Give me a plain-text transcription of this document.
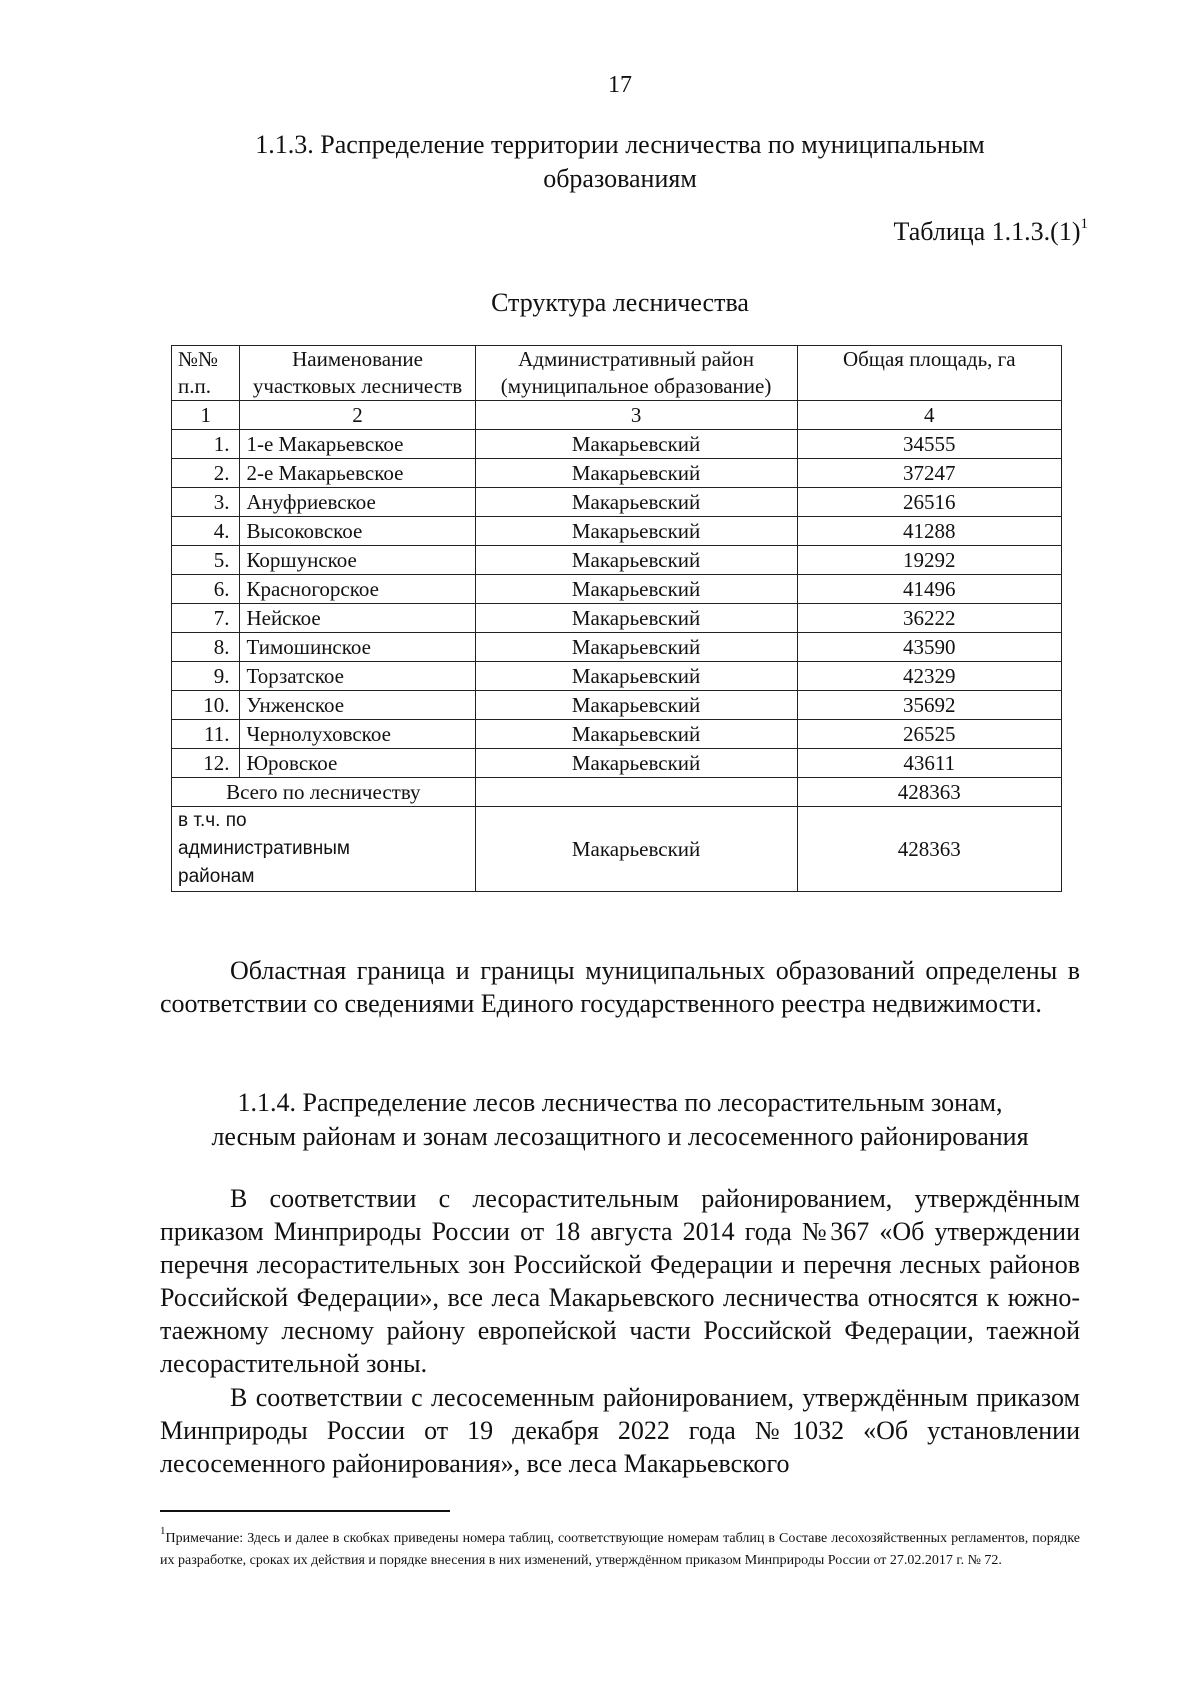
17
1.1.3. Распределение территории лесничества по муниципальным
образованиям
Таблица $1.1.3.(1)^1$
Структура лесничества
№№ п.п.	Наименование участковых лесничеств	Административный район (муниципальное образование)	Общая площадь, га
1	2	3	4
1.	1-е Макарьевское	Макарьевский	34555
2.	2-е Макарьевское	Макарьевский	37247
3.	Ануфриевское	Макарьевский	26516
4.	Высоковское	Макарьевский	41288
5.	Коршунское	Макарьевский	19292
6.	Красногорское	Макарьевский	41496
7.	Нейское	Макарьевский	36222
8.	Тимошинское	Макарьевский	43590
9.	Торзатское	Макарьевский	42329
10.	Унженское	Макарьевский	35692
11.	Чернолуховское	Макарьевский	26525
12.	Юровское	Макарьевский	43611
Всего по лесничеству			428363
в т.ч. по административным районам		Макарьевский	428363
Областная граница и границы муниципальных образований определены в соответствии со сведениями Единого государственного реестра недвижимости.
1.1.4. Распределение лесов лесничества по лесорастительным зонам,
лесным районам и зонам лесозащитного и лесосеменного районирования
В соответствии с лесорастительным районированием, утверждённым приказом Минприроды России от 18 августа 2014 года №367 «Об утверждении перечня лесорастительных зон Российской Федерации и перечня лесных районов Российской Федерации», все леса Макарьевского лесничества относятся к южно-таежному лесному району европейской части Российской Федерации, таежной лесорастительной зоны.
В соответствии с лесосеменным районированием, утверждённым приказом Минприроды России от 19 декабря 2022 года №1032 «Об установлении лесосеменного районирования», все леса Макарьевского
$^1$Примечание: Здесь и далее в скобках приведены номера таблиц, соответствующие номерам таблиц в Составе лесохозяйственных регламентов, порядке их разработке, сроках их действия и порядке внесения в них изменений, утверждённом приказом Минприроды России от 27.02.2017 г. № 72.
